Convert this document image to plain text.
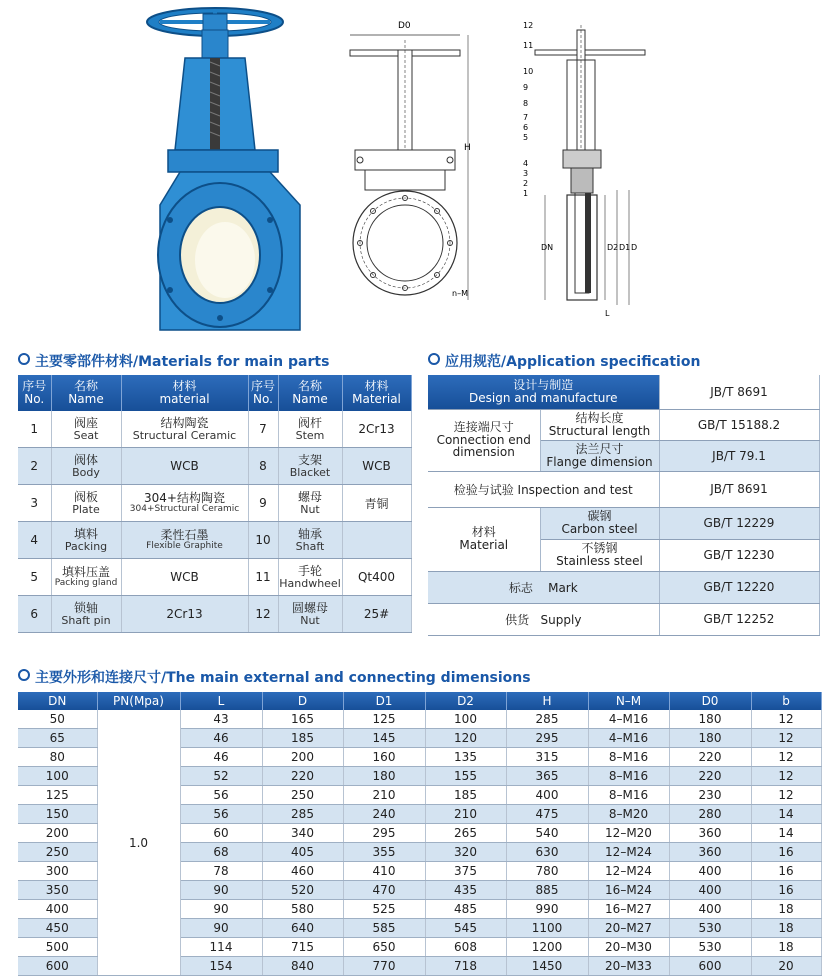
D0
H
n–M
12
11
10
9
8
7
6
5
4
3
2
1
DN	D2 D1 D
L
主要零部件材料/Materials for main parts
序号
No.	名称
Name	材料
material	序号
No.	名称
Name	材料
Material

1	阀座
Seat	结构陶瓷
Structural Ceramic	7	阀杆
Stem	2Cr13
2	阀体
Body	WCB	8	支架
Blacket	WCB
3	阀板
Plate	304+结构陶瓷
304+Structural Ceramic	9	螺母
Nut	青铜
4	填料
Packing	柔性石墨
Flexible Graphite	10	轴承
Shaft	

5	填料压盖
Packing gland	WCB	11	手轮
Handwheel	Qt400
6	锁轴
Shaft pin	2Cr13	12	圆螺母
Nut	25#
应用规范/Application specification
设计与制造
Design and manufacture		JB/T 8691

连接端尺寸
Connection end
dimension	结构长度
Structural length	GB/T 15188.2

	法兰尺寸
Flange dimension	JB/T 79.1
检验与试验 Inspection and test		JB/T 8691

材料
Material	碳钢
Carbon steel	GB/T 12229

	不锈钢
Stainless steel	GB/T 12230
标志 Mark		GB/T 12220
供货 Supply		GB/T 12252
主要外形和连接尺寸/The main external and connecting dimensions
DN	PN(Mpa)	L	D	D1	D2	H	N–M	D0	b
50	1.0	43	165	125	100	285	4–M16	180	12
65		46	185	145	120	295	4–M16	180	12
80		46	200	160	135	315	8–M16	220	12
100		52	220	180	155	365	8–M16	220	12
125		56	250	210	185	400	8–M16	230	12
150		56	285	240	210	475	8–M20	280	14
200		60	340	295	265	540	12–M20	360	14
250		68	405	355	320	630	12–M24	360	16
300		78	460	410	375	780	12–M24	400	16
350		90	520	470	435	885	16–M24	400	16
400		90	580	525	485	990	16–M27	400	18
450		90	640	585	545	1100	20–M27	530	18
500		114	715	650	608	1200	20–M30	530	18
600		154	840	770	718	1450	20–M33	600	20
